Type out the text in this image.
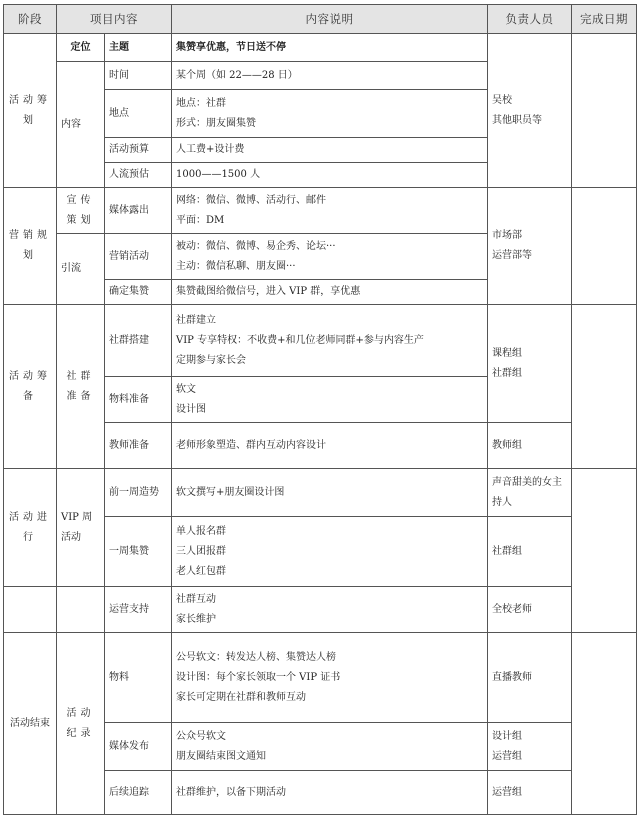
阶段	项目内容		内容说明	负责人员	完成日期
活动筹划	定位	主题	集赞享优惠，节日送不停	吴校
其他职员等	

	内容	时间	某个周（如 22——28 日）		
		地点	地点：社群
形式：朋友圈集赞		

		活动预算	人工费+设计费		
		人流预估	1000——1500 人		
营销规划	宣传策划	媒体露出	网络：微信、微博、活动行、邮件
平面：DM	市场部
运营部等	

	引流	营销活动	被动：微信、微博、易企秀、论坛···
主动：微信私聊、朋友圈···		

		确定集赞	集赞截图给微信号，进入 VIP 群，享优惠		
活动筹备	社群准备	社群搭建	社群建立
VIP 专享特权：不收费+和几位老师同群+参与内容生产
定期参与家长会	课程组
社群组	

		物料准备	软文
设计图		

		教师准备	老师形象塑造、群内互动内容设计	教师组	
活动进行	VIP 周活动	前一周造势	软文撰写+朋友圈设计图	声音甜美的女主持人	
		一周集赞	单人报名群
三人团报群
老人红包群	社群组	
		运营支持	社群互动
家长维护	全校老师	
活动结束	活动纪录	物料	公号软文：转发达人榜、集赞达人榜
设计图：每个家长领取一个 VIP 证书
家长可定期在社群和教师互动	直播教师	
		媒体发布	公众号软文
朋友圈结束图文通知	设计组
运营组	

		后续追踪	社群维护，以备下期活动	运营组	
